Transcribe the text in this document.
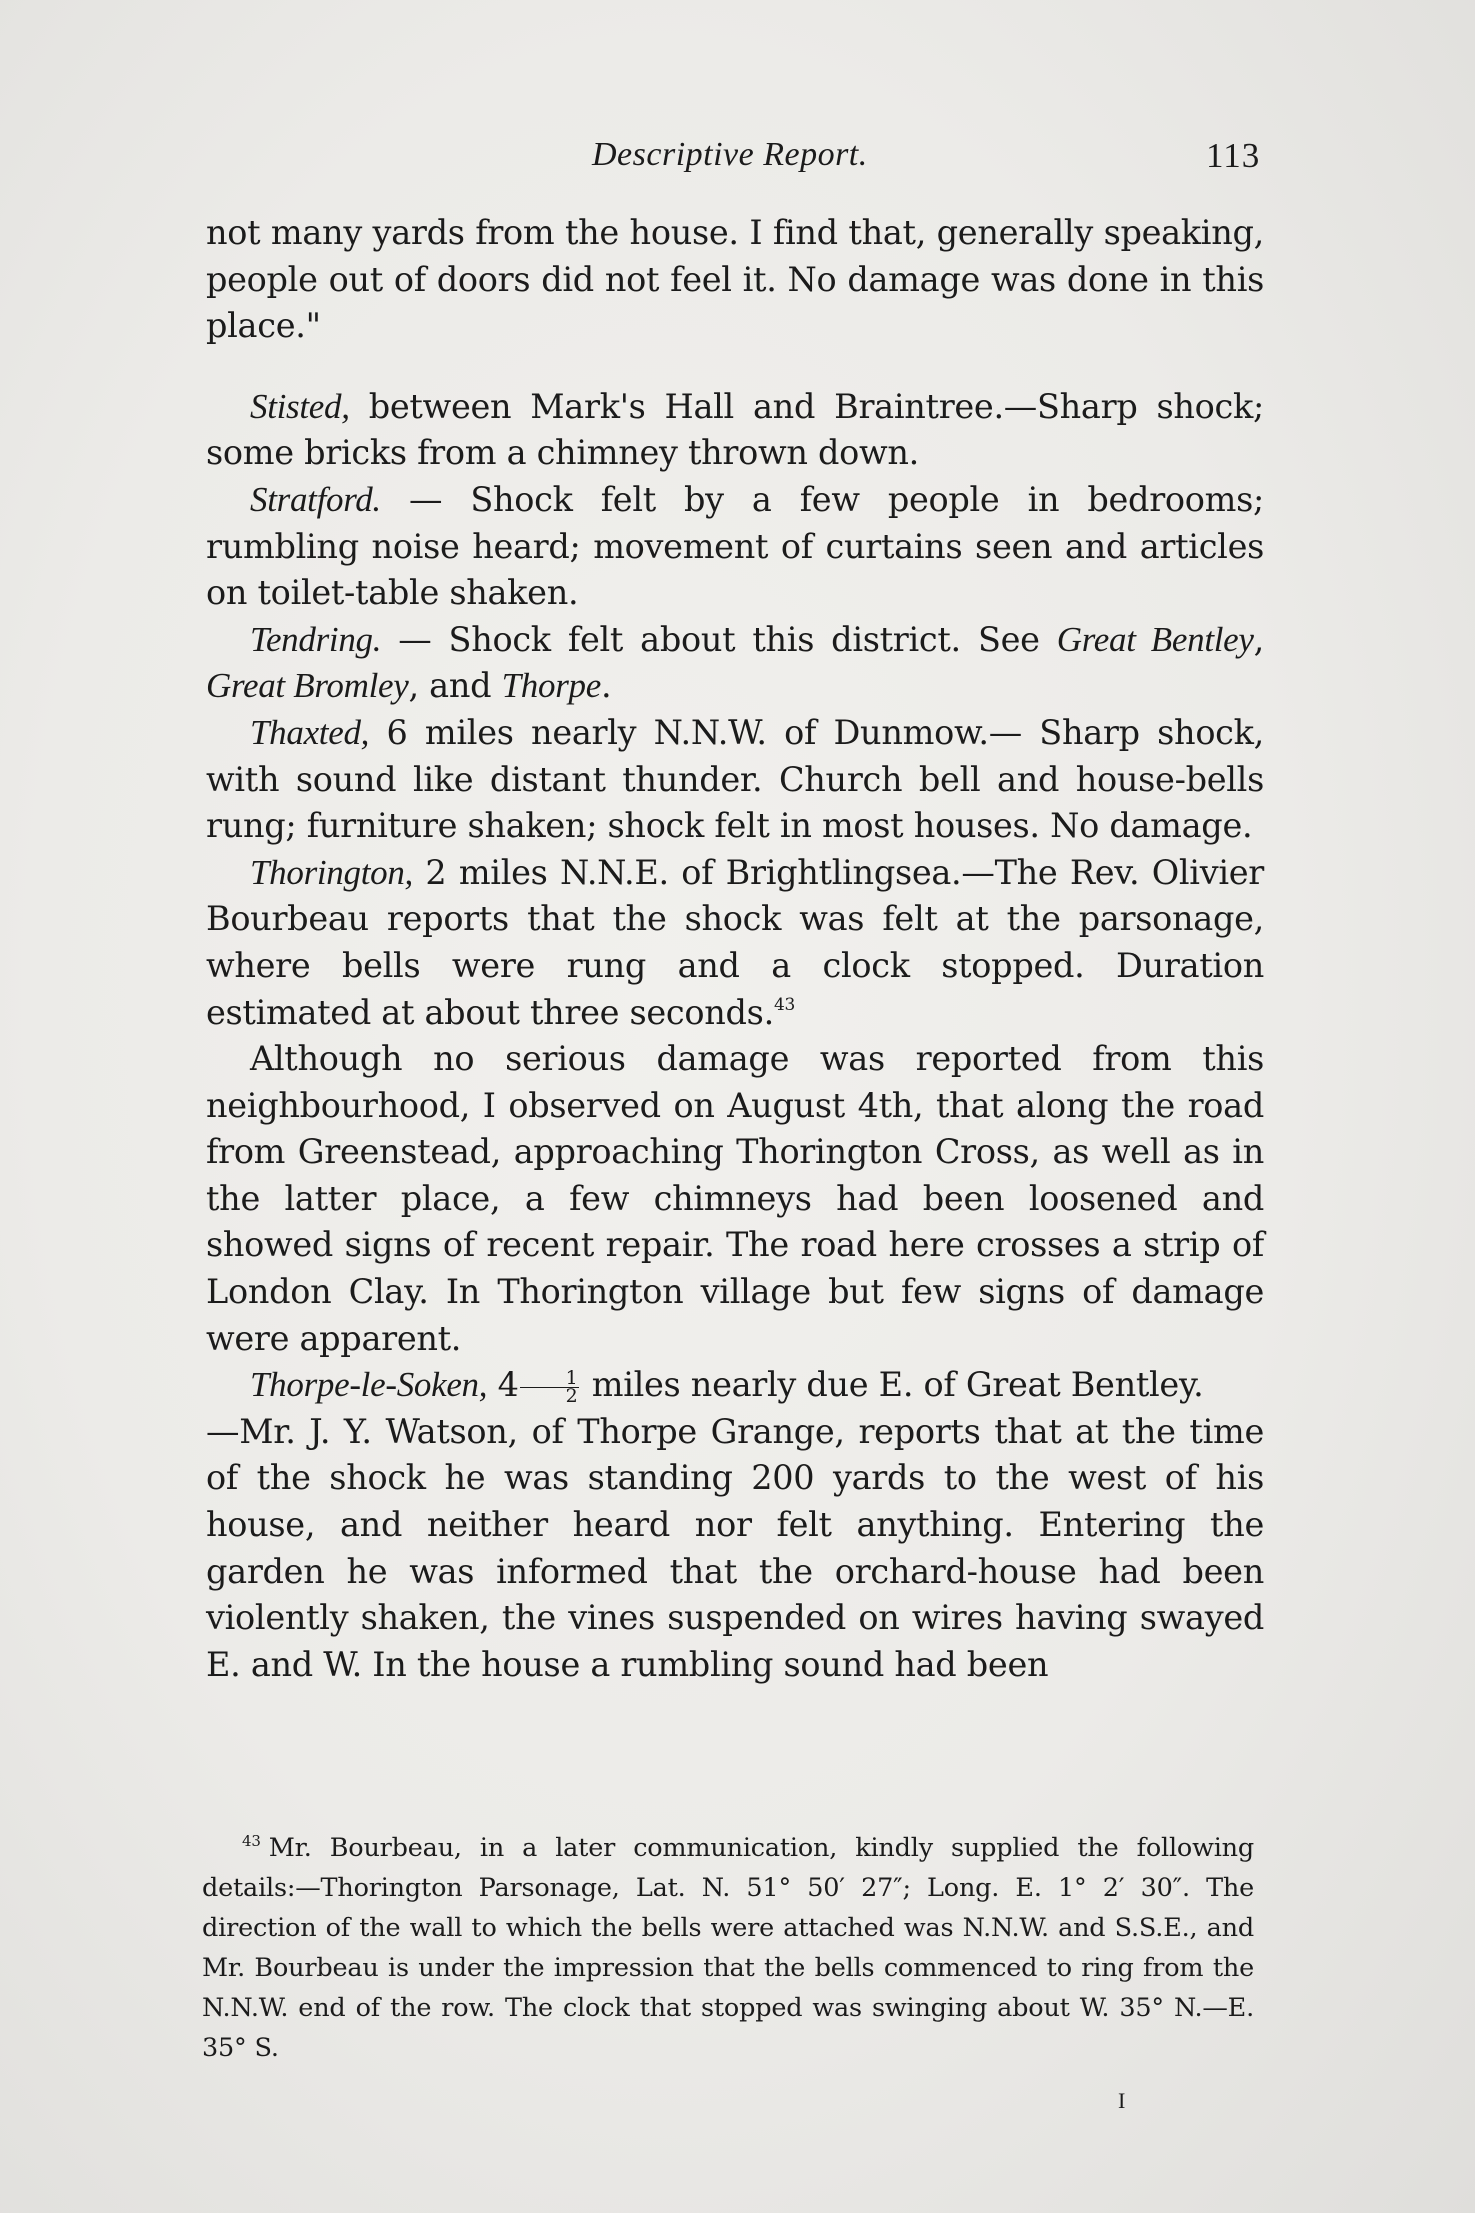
Descriptive Report.	113

not many yards from the house. I find that, generally speaking, people out of doors did not feel it. No damage was done in this place."

Stisted, between Mark's Hall and Braintree.—Sharp shock; some bricks from a chimney thrown down.

Stratford. — Shock felt by a few people in bedrooms; rumbling noise heard; movement of curtains seen and articles on toilet-table shaken.

Tendring. — Shock felt about this district. See Great Bentley, Great Bromley, and Thorpe.

Thaxted, 6 miles nearly N.N.W. of Dunmow.— Sharp shock, with sound like distant thunder. Church bell and house-bells rung; furniture shaken; shock felt in most houses. No damage.

Thorington, 2 miles N.N.E. of Brightlingsea.—The Rev. Olivier Bourbeau reports that the shock was felt at the parsonage, where bells were rung and a clock stopped. Duration estimated at about three seconds.$^{43}$

Although no serious damage was reported from this neighbourhood, I observed on August 4th, that along the road from Greenstead, approaching Thorington Cross, as well as in the latter place, a few chimneys had been loosened and showed signs of recent repair. The road here crosses a strip of London Clay. In Thorington village but few signs of damage were apparent.

Thorpe-le-Soken, $4 \frac{1}{2}$ miles nearly due E. of Great Bentley.

—Mr. J. Y. Watson, of Thorpe Grange, reports that at the time of the shock he was standing 200 yards to the west of his house, and neither heard nor felt anything. Entering the garden he was informed that the orchard-house had been violently shaken, the vines suspended on wires having swayed E. and W. In the house a rumbling sound had been

$^{43}$ Mr. Bourbeau, in a later communication, kindly supplied the following details:—Thorington Parsonage, Lat. N. 51° 50′ 27″; Long. E. 1° 2′ 30″. The direction of the wall to which the bells were attached was N.N.W. and S.S.E., and Mr. Bourbeau is under the impression that the bells commenced to ring from the N.N.W. end of the row. The clock that stopped was swinging about W. 35° N.—E. 35° S.

I
